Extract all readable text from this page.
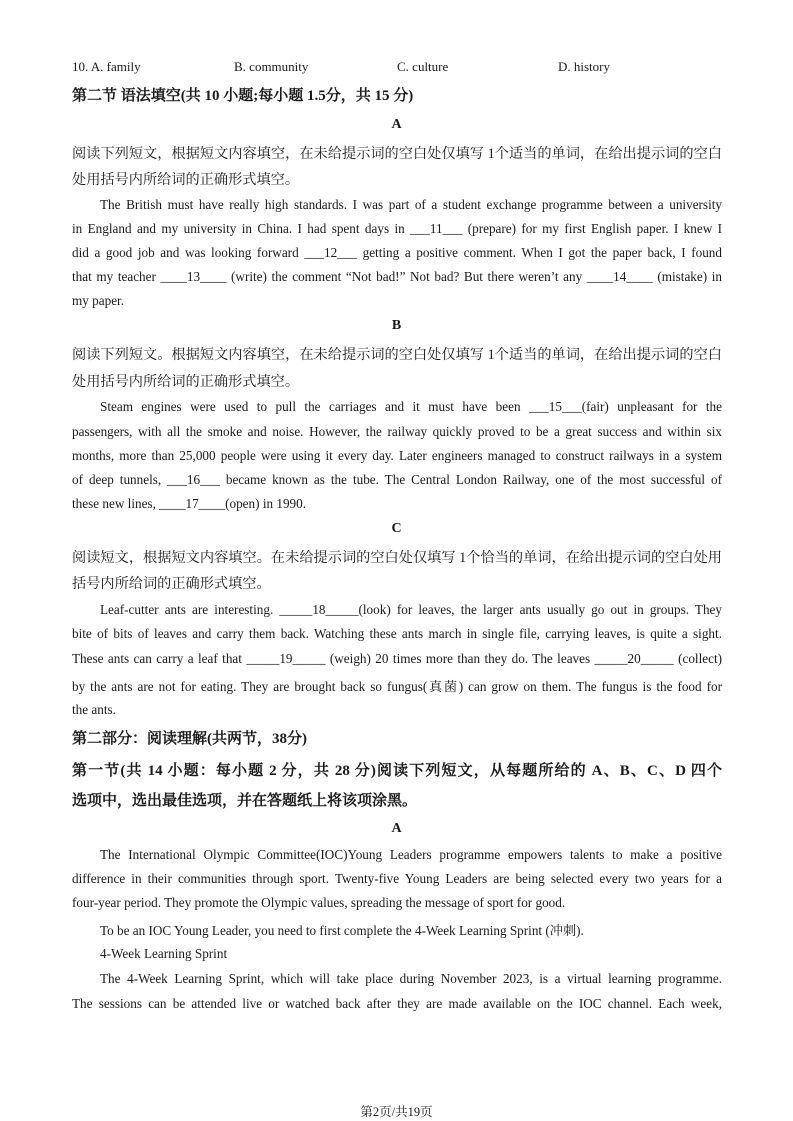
10. A. family	B. community	C. culture	D. history
第二节 语法填空(共 10 小题;每小题 1.5分，共 15 分)
A
阅读下列短文，根据短文内容填空，在未给提示词的空白处仅填写 1个适当的单词，在给出提示词的空白
处用括号内所给词的正确形式填空。
The British must have really high standards. I was part of a student exchange programme between a university
in England and my university in China. I had spent days in ___11___ (prepare) for my first English paper. I knew I
did a good job and was looking forward ___12___ getting a positive comment. When I got the paper back, I found
that my teacher ____13____ (write) the comment “Not bad!” Not bad? But there weren’t any ____14____ (mistake) in
my paper.
B
阅读下列短文。根据短文内容填空，在未给提示词的空白处仅填写 1个适当的单词，在给出提示词的空白
处用括号内所给词的正确形式填空。
Steam engines were used to pull the carriages and it must have been ___15___(fair) unpleasant for the
passengers, with all the smoke and noise. However, the railway quickly proved to be a great success and within six
months, more than 25,000 people were using it every day. Later engineers managed to construct railways in a system
of deep tunnels, ___16___ became known as the tube. The Central London Railway, one of the most successful of
these new lines, ____17____(open) in 1990.
C
阅读短文，根据短文内容填空。在未给提示词的空白处仅填写 1个恰当的单词，在给出提示词的空白处用
括号内所给词的正确形式填空。
Leaf-cutter ants are interesting. _____18_____(look) for leaves, the larger ants usually go out in groups. They
bite of bits of leaves and carry them back. Watching these ants march in single file, carrying leaves, is quite a sight.
These ants can carry a leaf that _____19_____ (weigh) 20 times more than they do. The leaves _____20_____ (collect)
by the ants are not for eating. They are brought back so fungus(真菌) can grow on them. The fungus is the food for
the ants.
第二部分：阅读理解(共两节，38分)
第一节(共 14 小题：每小题 2 分，共 28 分)阅读下列短文，从每题所给的 A、B、C、D 四个
选项中，选出最佳选项，并在答题纸上将该项涂黑。
A
The International Olympic Committee(IOC)Young Leaders programme empowers talents to make a positive
difference in their communities through sport. Twenty-five Young Leaders are being selected every two years for a
four-year period. They promote the Olympic values, spreading the message of sport for good.
To be an IOC Young Leader, you need to first complete the 4-Week Learning Sprint (冲刺).
4-Week Learning Sprint
The 4-Week Learning Sprint, which will take place during November 2023, is a virtual learning programme.
The sessions can be attended live or watched back after they are made available on the IOC channel. Each week,
第2页/共19页
